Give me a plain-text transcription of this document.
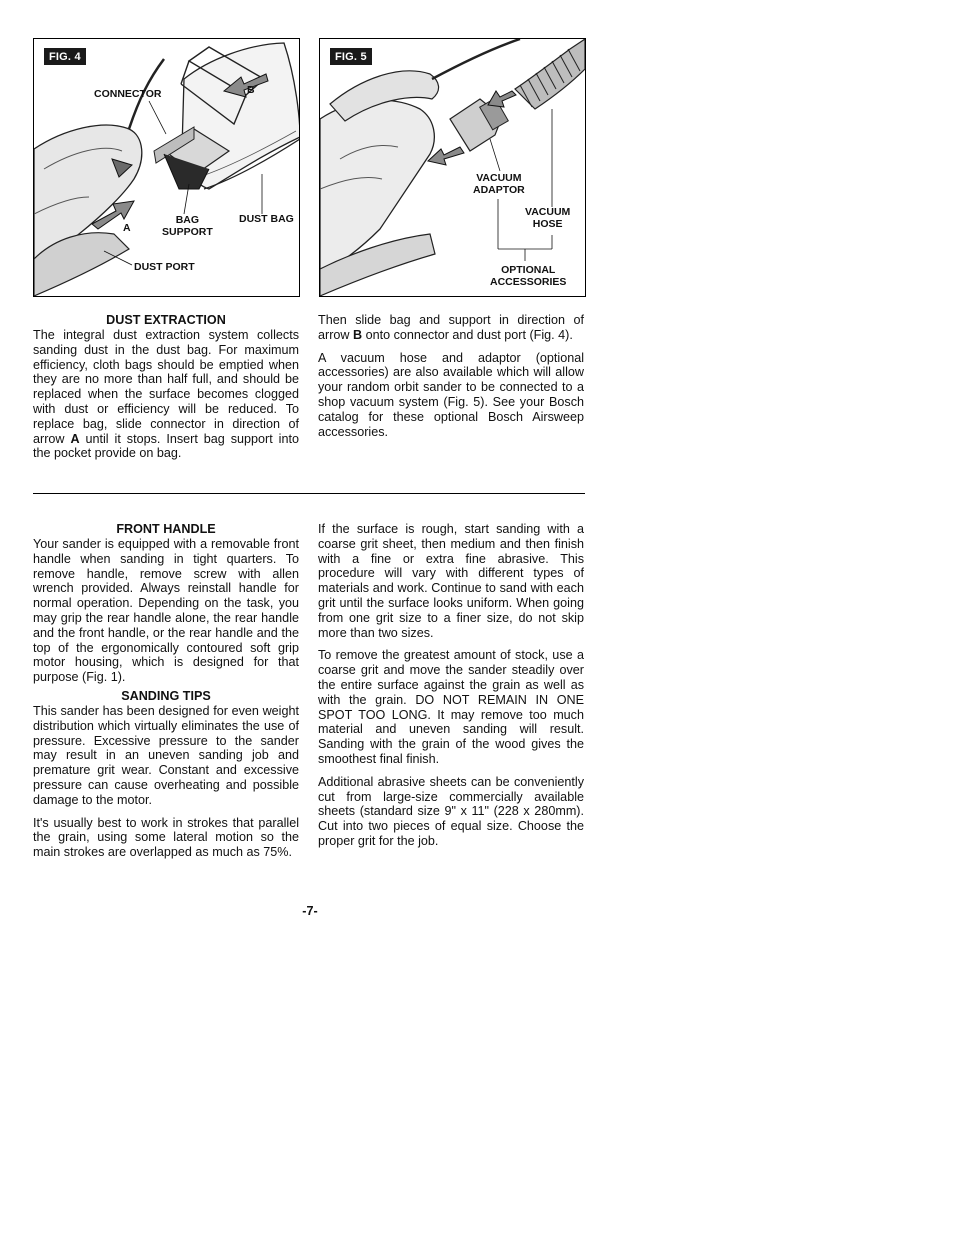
FIG. 4
CONNECTOR	B
A
BAG
SUPPORT
DUST BAG
DUST PORT
FIG. 5
VACUUM
ADAPTOR
VACUUM
HOSE
OPTIONAL
ACCESSORIES
DUST EXTRACTION

The integral dust extraction system collects sanding dust in the dust bag. For maximum efficiency, cloth bags should be emptied when they are no more than half full, and should be replaced when the surface becomes clogged with dust or efficiency will be reduced. To replace bag, slide connector in direction of arrow A until it stops. Insert bag support into the pocket provide on bag.

Then slide bag and support in direction of arrow B onto connector and dust port (Fig. 4).

A vacuum hose and adaptor (optional accessories) are also available which will allow your random orbit sander to be connected to a shop vacuum system (Fig. 5). See your Bosch catalog for these optional Bosch Airsweep accessories.

FRONT HANDLE

Your sander is equipped with a removable front handle when sanding in tight quarters. To remove handle, remove screw with allen wrench provided. Always reinstall handle for normal operation. Depending on the task, you may grip the rear handle alone, the rear handle and the front handle, or the rear handle and the top of the ergonomically contoured soft grip motor housing, which is designed for that purpose (Fig. 1).

SANDING TIPS

This sander has been designed for even weight distribution which virtually eliminates the use of pressure. Excessive pressure to the sander may result in an uneven sanding job and premature grit wear. Constant and excessive pressure can cause overheating and possible damage to the motor.

It's usually best to work in strokes that parallel the grain, using some lateral motion so the main strokes are overlapped as much as 75%.

If the surface is rough, start sanding with a coarse grit sheet, then medium and then finish with a fine or extra fine abrasive. This procedure will vary with different types of materials and work. Continue to sand with each grit until the surface looks uniform. When going from one grit size to a finer size, do not skip more than two sizes.

To remove the greatest amount of stock, use a coarse grit and move the sander steadily over the entire surface against the grain as well as with the grain. DO NOT REMAIN IN ONE SPOT TOO LONG. It may remove too much material and uneven sanding will result. Sanding with the grain of the wood gives the smoothest final finish.

Additional abrasive sheets can be conveniently cut from large-size commercially available sheets (standard size 9" x 11" (228 x 280mm). Cut into two pieces of equal size. Choose the proper grit for the job.

-7-
